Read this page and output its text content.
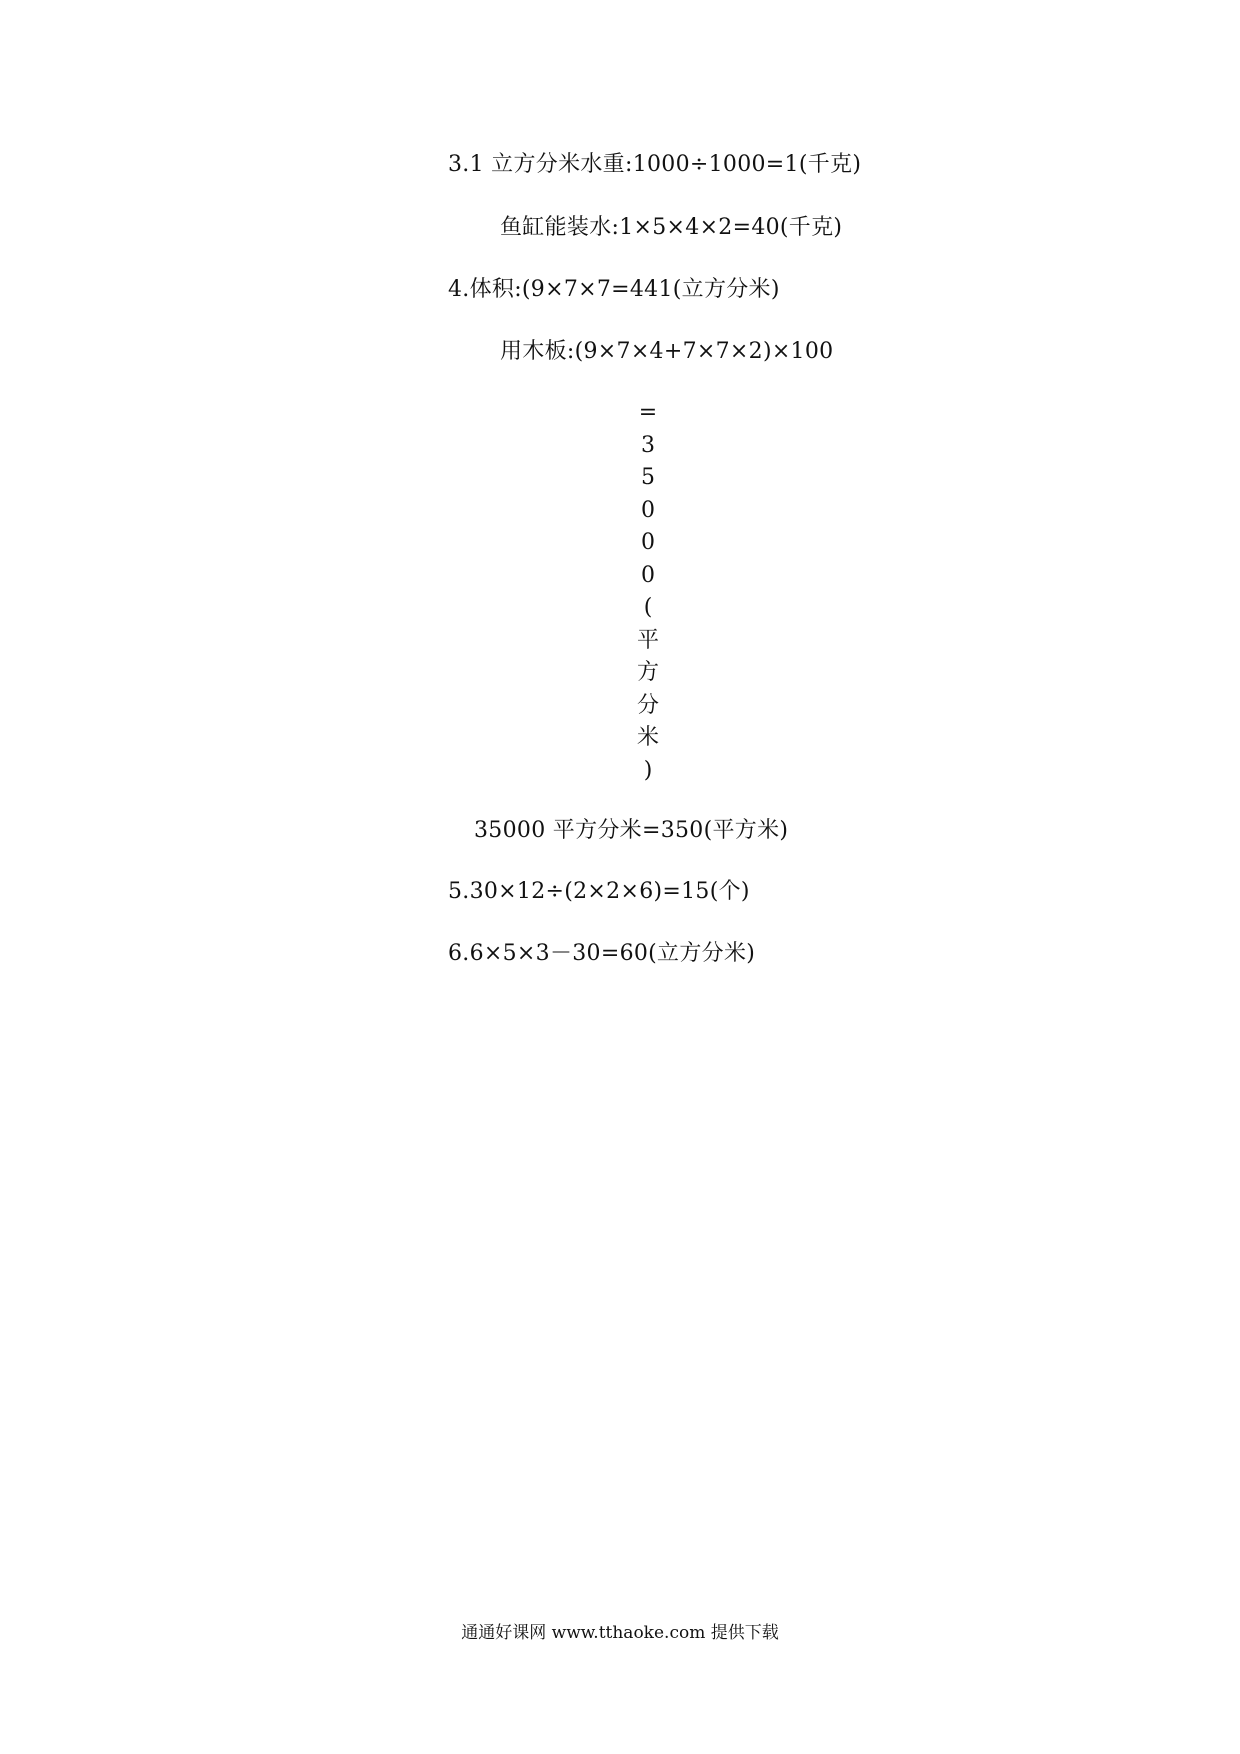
3.1 立方分米水重:1000÷1000=1(千克)
鱼缸能装水:1×5×4×2=40(千克)
4.体积:(9×7×7=441(立方分米)
用木板:(9×7×4+7×7×2)×100
=
3
5
0
0
0
(
平
方
分
米
)
35000 平方分米=350(平方米)
5.30×12÷(2×2×6)=15(个)
6.6×5×3－30=60(立方分米)
通通好课网 www.tthaoke.com 提供下载
